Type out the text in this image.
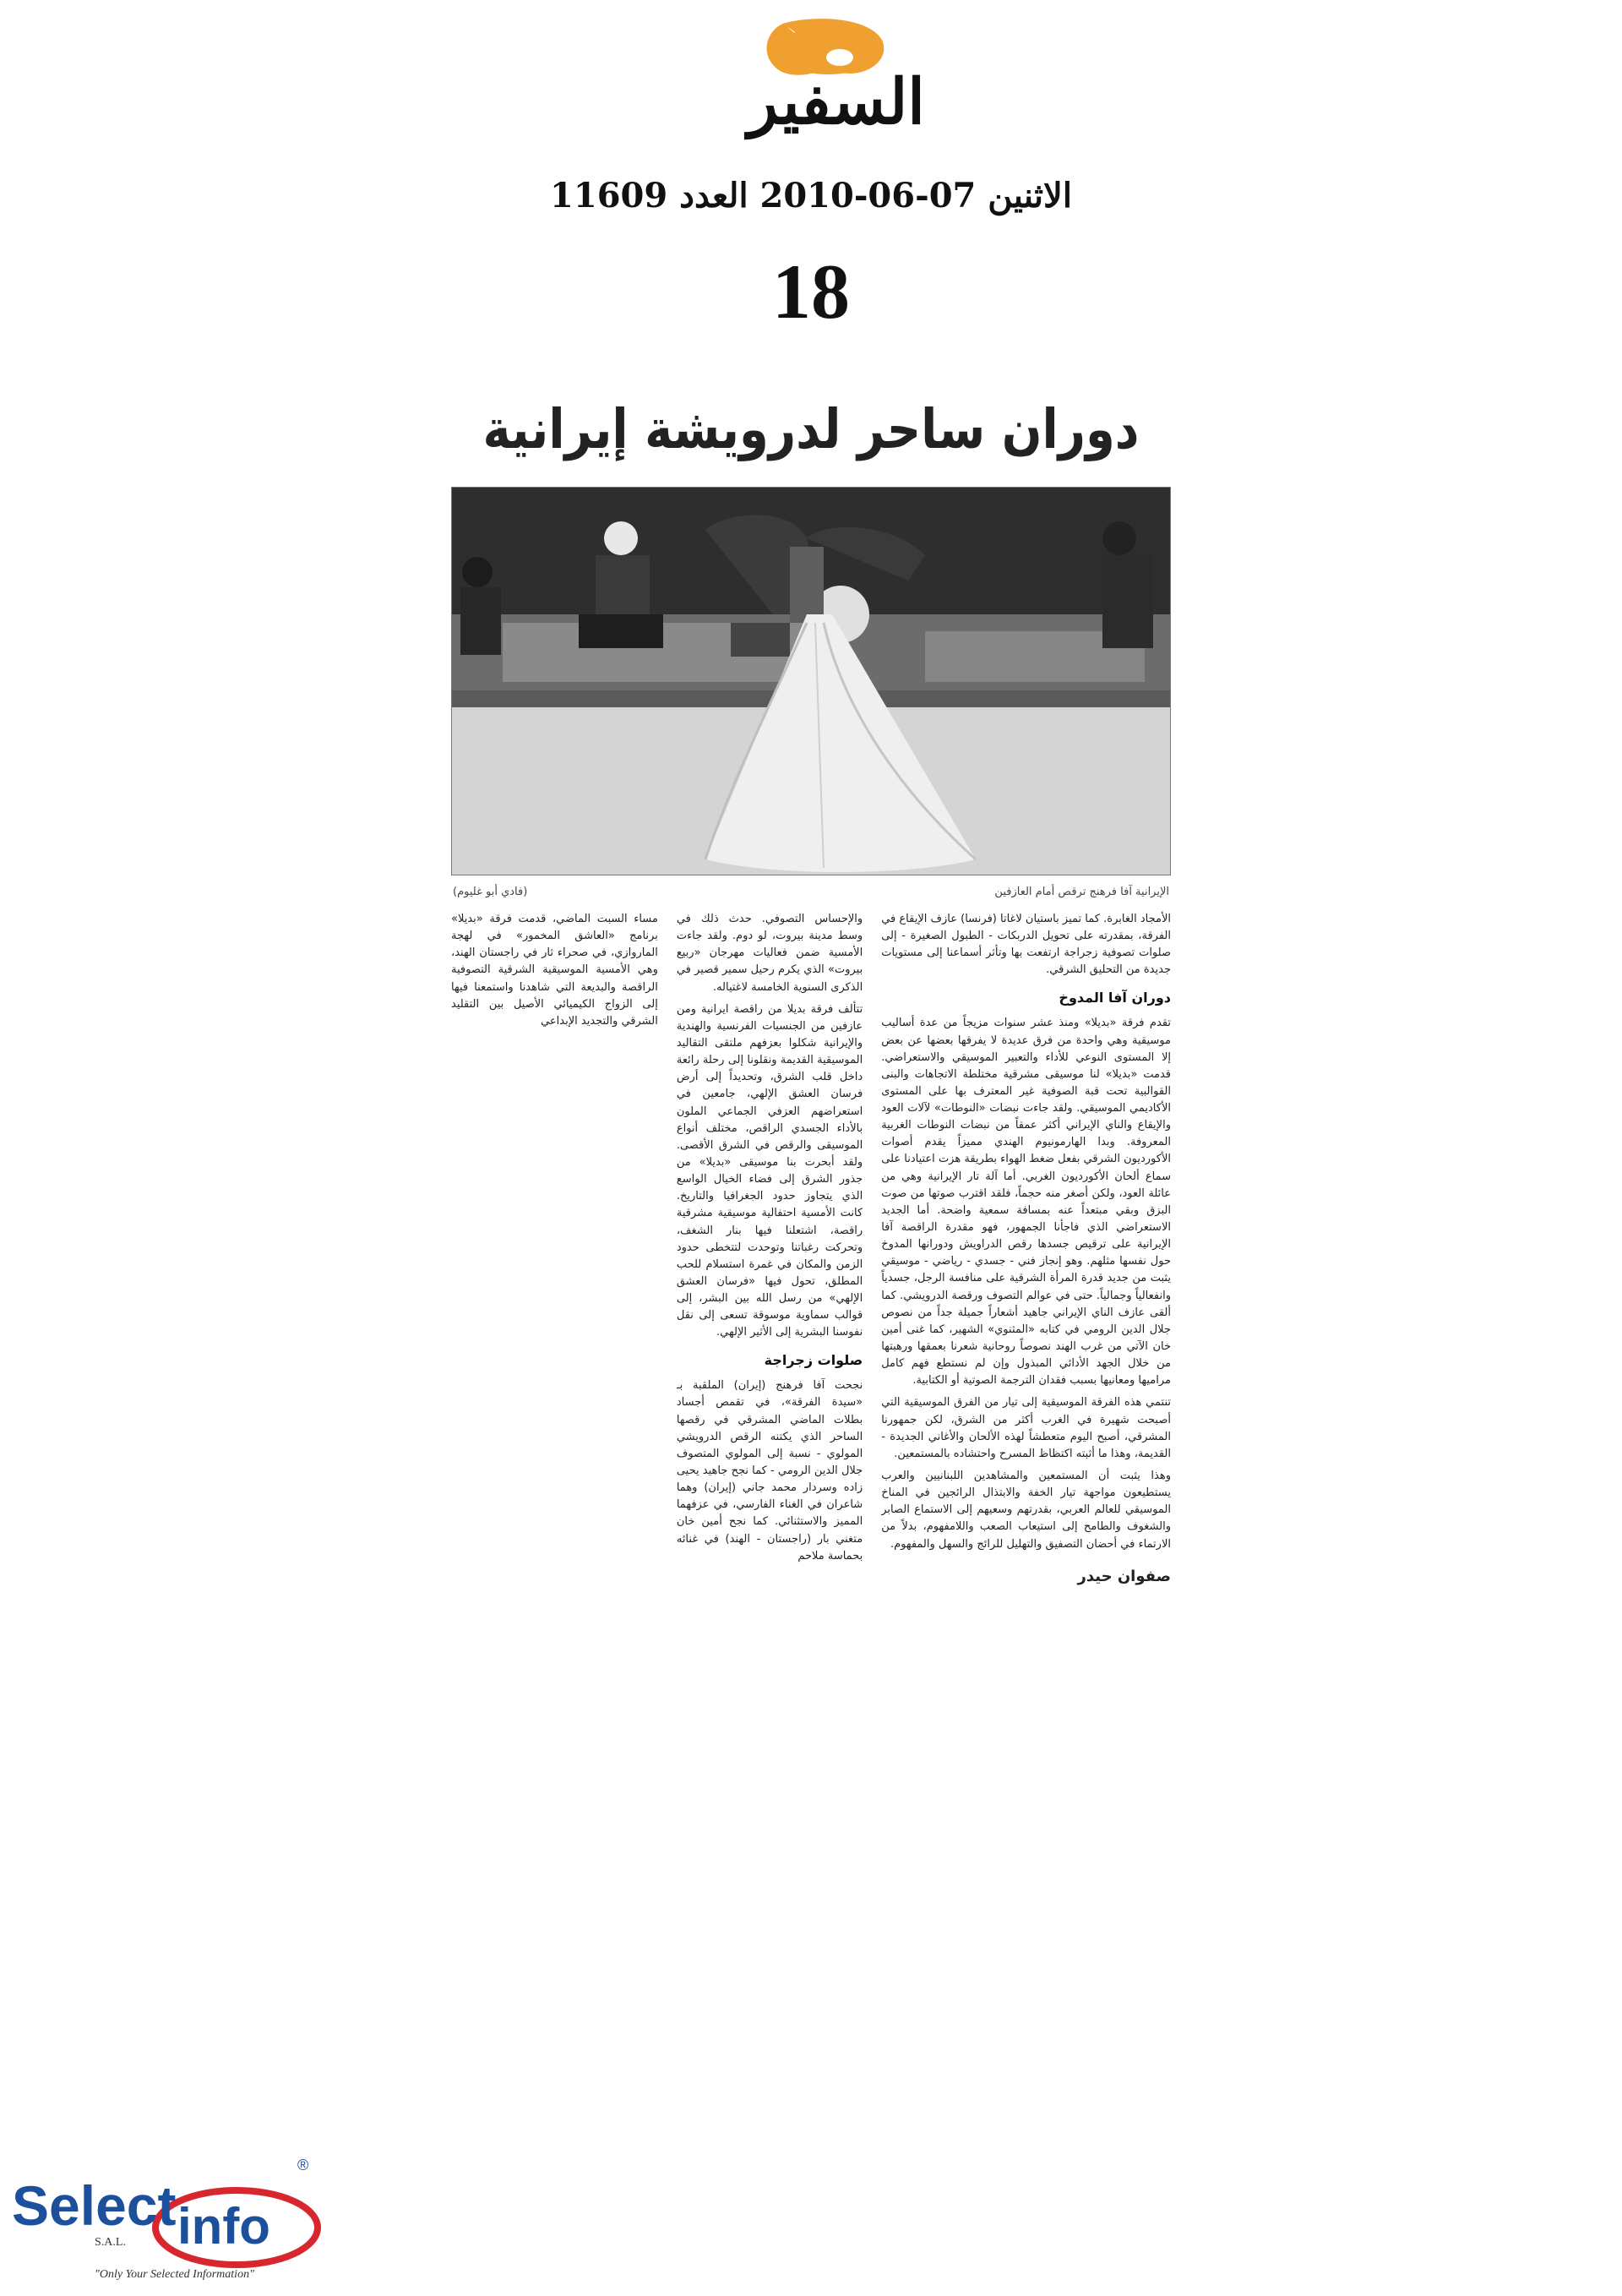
السفير
الاثنين 07-06-2010 العدد 11609
18
دوران ساحر لدرويشة إيرانية
الإيرانية آفا فرهنج ترقص أمام العازفين
(فادي أبو غليوم)

مساء السبت الماضي، قدمت فرقة «بديلا» برنامج «العاشق المخمور» في لهجة الماروازي، في صحراء ثار في راجستان الهند، وهي الأمسية الموسيقية الشرقية التصوفية الراقصة والبديعة التي شاهدنا واستمعنا فيها إلى الزواج الكيميائي الأصيل بين التقليد الشرقي والتجديد الإبداعي

والإحساس التصوفي. حدث ذلك في وسط مدينة بيروت، لو دوم. ولقد جاءت الأمسية ضمن فعاليات مهرجان «ربيع بيروت» الذي يكرم رحيل سمير قصير في الذكرى السنوية الخامسة لاغتياله.

تتألف فرقة بديلا من راقصة ايرانية ومن عازفين من الجنسيات الفرنسية والهندية والإيرانية شكلوا بعزفهم ملتقى التقاليد الموسيقية القديمة ونقلونا إلى رحلة رائعة داخل قلب الشرق، وتحديداً إلى أرض فرسان العشق الإلهي، جامعين في استعراضهم العزفي الجماعي الملون بالأداء الجسدي الراقص، مختلف أنواع الموسيقى والرقص في الشرق الأقصى. ولقد أبحرت بنا موسيقى «بديلا» من جذور الشرق إلى فضاء الخيال الواسع الذي يتجاوز حدود الجغرافيا والتاريخ. كانت الأمسية احتفالية موسيقية مشرقية راقصة، اشتعلنا فيها بنار الشغف، وتحركت رغباتنا وتوحدت لتتخطى حدود الزمن والمكان في غمرة استسلام للحب المطلق، تحول فيها «فرسان العشق الإلهي» من رسل الله بين البشر، إلى قوالب سماوية موسوقة تسعى إلى نقل نفوسنا البشرية إلى الأثير الإلهي.

صلوات زجراجة

نجحت آفا فرهنج (إيران) الملقبة بـ «سيدة الفرقة»، في تقمص أجساد بطلات الماضي المشرقي في رقصها الساحر الذي يكتنه الرقص الدرويشي المولوي - نسبة إلى المولوي المتصوف جلال الدين الرومي - كما نجح جاهيد يحيى زاده وسردار محمد جاني (إيران) وهما شاعران في الغناء الفارسي، في عزفهما المميز والاستثنائي. كما نجح أمين خان متغني بار (راجستان - الهند) في غنائه بحماسة ملاحم

الأمجاد الغابرة. كما تميز باستيان لاغاتا (فرنسا) عازف الإيقاع في الفرقة، بمقدرته على تحويل الدربكات - الطبول الصغيرة - إلى صلوات تصوفية زجراجة ارتفعت بها وتأثر أسماعنا إلى مستويات جديدة من التحليق الشرقي.

دوران آفا المدوخ

تقدم فرقة «بديلا» ومنذ عشر سنوات مزيجاً من عدة أساليب موسيقية وهي واحدة من فرق عديدة لا يفرقها بعضها عن بعض إلا المستوى النوعي للأداء والتعبير الموسيقي والاستعراضي. قدمت «بديلا» لنا موسيقى مشرقية مختلطة الاتجاهات والبنى القوالبية تحت قبة الصوفية غير المعترف بها على المستوى الأكاديمي الموسيقي. ولقد جاءت نبضات «النوطات» لآلات العود والإيقاع والناي الإيراني أكثر عمقاً من نبضات النوطات الغربية المعروفة. وبدا الهارمونيوم الهندي مميزاً يقدم أصوات الأكورديون الشرقي بفعل ضغط الهواء بطريقة هزت اعتيادنا على سماع ألحان الأكورديون الغربي. أما آلة تار الإيرانية وهي من عائلة العود، ولكن أصغر منه حجماً، فلقد اقترب صوتها من صوت البزق وبقي مبتعداً عنه بمسافة سمعية واضحة. أما الجديد الاستعراضي الذي فاجأنا الجمهور، فهو مقدرة الراقصة آفا الإيرانية على ترقيص جسدها رقص الدراويش ودورانها المدوخ حول نفسها مثلهم. وهو إنجاز فني - جسدي - رياضي - موسيقي يثبت من جديد قدرة المرأة الشرقية على منافسة الرجل، جسدياً وانفعالياً وجمالياً. حتى في عوالم التصوف ورقصة الدرويشي. كما ألقى عازف الناي الإيراني جاهيد أشعاراً جميلة جداً من نصوص جلال الدين الرومي في كتابه «المثنوي» الشهير، كما غنى أمين خان الآتي من غرب الهند نصوصاً روحانية شعرنا بعمقها ورهبتها من خلال الجهد الأدائي المبذول وإن لم نستطع فهم كامل مراميها ومعانيها بسبب فقدان الترجمة الصوتية أو الكتابية.

تنتمي هذه الفرقة الموسيقية إلى تيار من الفرق الموسيقية التي أصبحت شهيرة في الغرب أكثر من الشرق، لكن جمهورنا المشرقي، أصبح اليوم متعطشاً لهذه الألحان والأغاني الجديدة - القديمة، وهذا ما أثبته اكتظاظ المسرح واحتشاده بالمستمعين.

وهذا يثبت أن المستمعين والمشاهدين اللبنانيين والعرب يستطيعون مواجهة تيار الخفة والابتذال الرائجين في المناخ الموسيقي للعالم العربي، بقدرتهم وسعيهم إلى الاستماع الصابر والشغوف والطامح إلى استيعاب الصعب واللامفهوم، بدلاً من الارتماء في أحضان التصفيق والتهليل للرائج والسهل والمفهوم.

صفوان حيدر
Select info
®
S.A.L.
"Only Your Selected Information"
